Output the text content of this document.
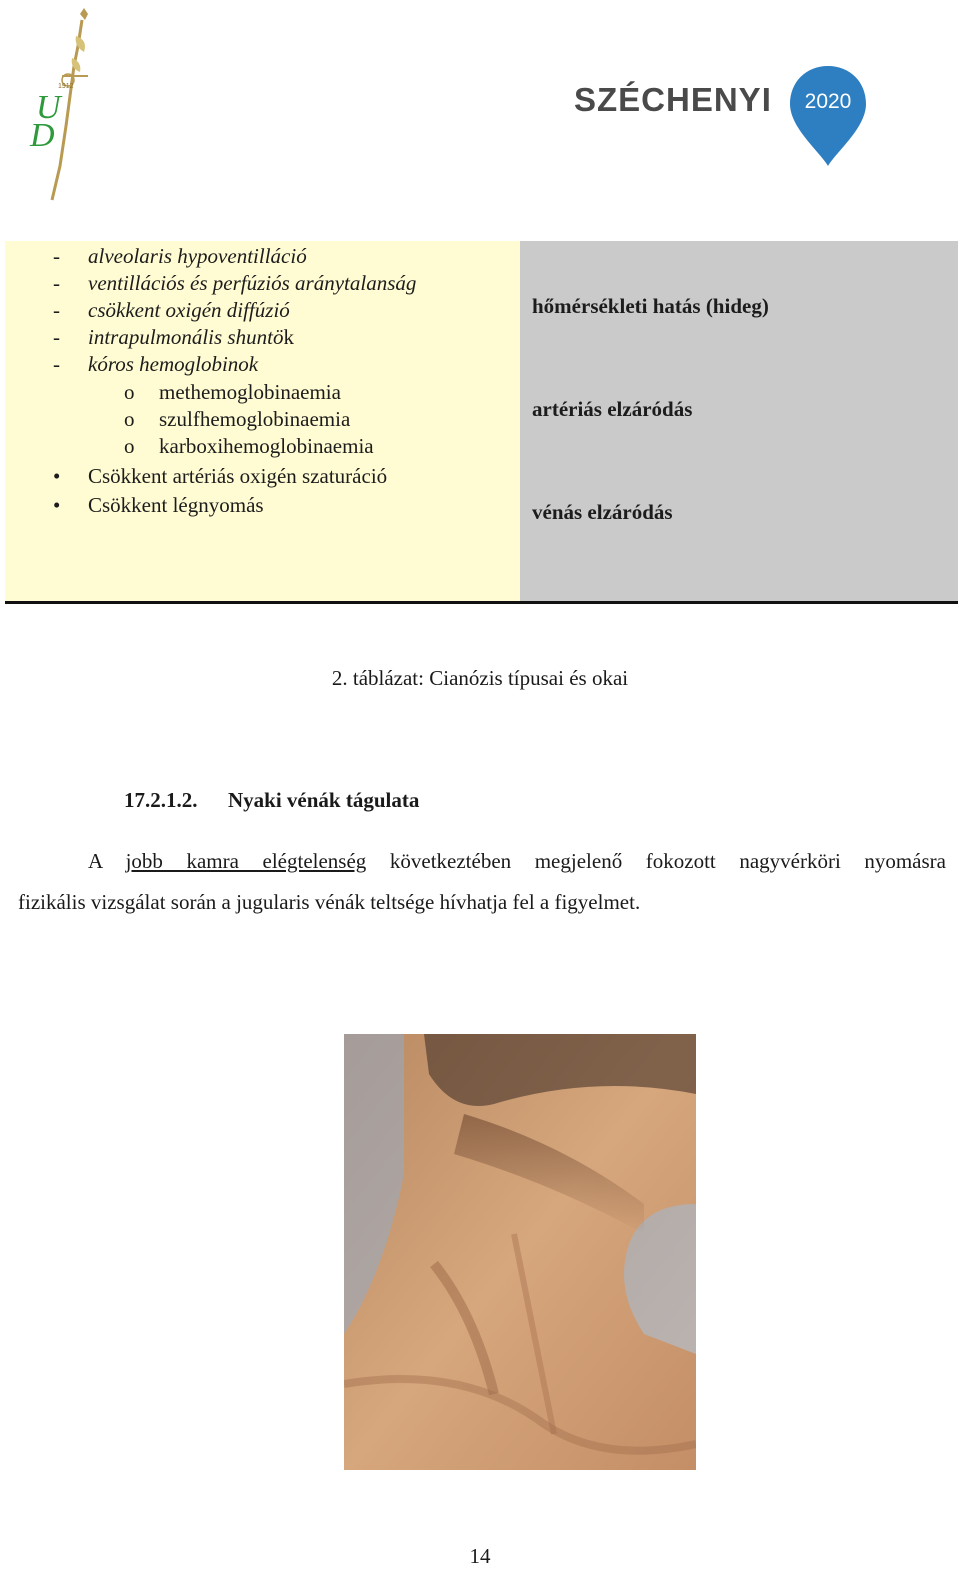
U
D
1912	SZÉCHENYI 2020
- alveolaris hypoventilláció
- ventillációs és perfúziós aránytalanság
- csökkent oxigén diffúzió
- intrapulmonális shuntök
- kóros hemoglobinok
o methemoglobinaemia
o szulfhemoglobinaemia
o karboxihemoglobinaemia
• Csökkent artériás oxigén szaturáció
• Csökkent légnyomás
hőmérsékleti hatás (hideg)
artériás elzáródás
vénás elzáródás
2. táblázat: Cianózis típusai és okai
17.2.1.2. Nyaki vénák tágulata
A jobb kamra elégtelenség következtében megjelenő fokozott nagyvérköri nyomásra
fizikális vizsgálat során a jugularis vénák teltsége hívhatja fel a figyelmet.
14
